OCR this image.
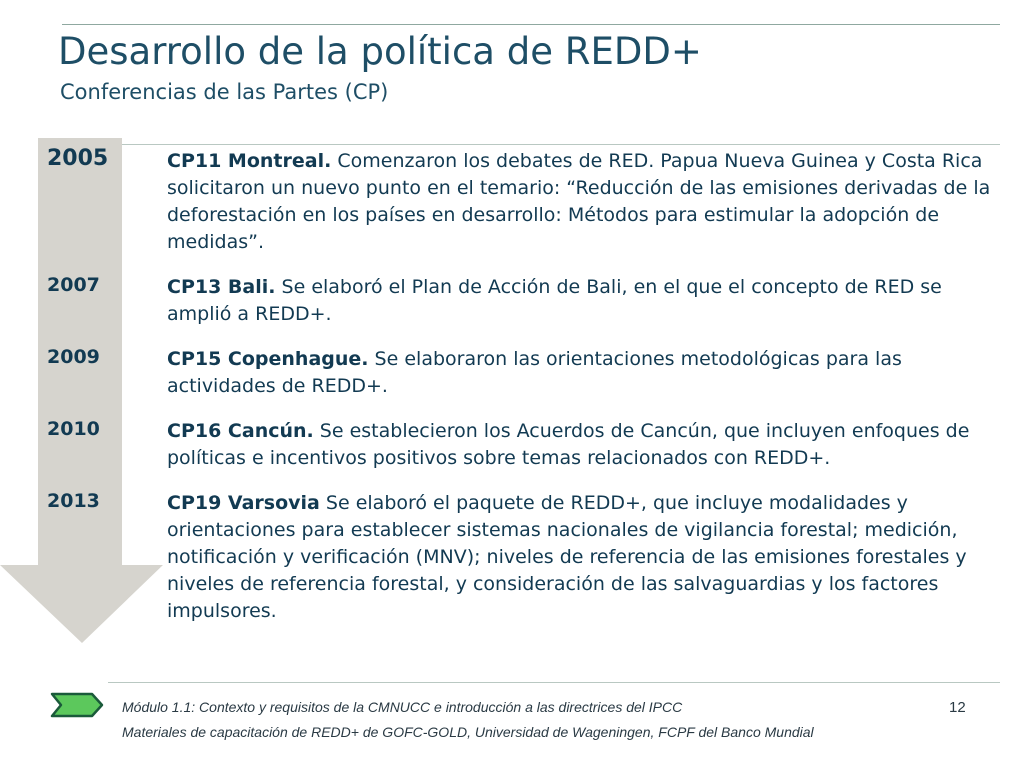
Desarrollo de la política de REDD+
Conferencias de las Partes (CP)
2005	CP11 Montreal. Comenzaron los debates de RED. Papua Nueva Guinea y Costa Rica solicitaron un nuevo punto en el temario: “Reducción de las emisiones derivadas de la deforestación en los países en desarrollo: Métodos para estimular la adopción de medidas”.
2007	CP13 Bali. Se elaboró el Plan de Acción de Bali, en el que el concepto de RED se amplió a REDD+.
2009	CP15 Copenhague. Se elaboraron las orientaciones metodológicas para las actividades de REDD+.
2010	CP16 Cancún. Se establecieron los Acuerdos de Cancún, que incluyen enfoques de políticas e incentivos positivos sobre temas relacionados con REDD+.
2013	CP19 Varsovia Se elaboró el paquete de REDD+, que incluye modalidades y orientaciones para establecer sistemas nacionales de vigilancia forestal; medición, notificación y verificación (MNV); niveles de referencia de las emisiones forestales y niveles de referencia forestal, y consideración de las salvaguardias y los factores impulsores.
Módulo 1.1: Contexto y requisitos de la CMNUCC e introducción a las directrices del IPCC
Materiales de capacitación de REDD+ de GOFC-GOLD, Universidad de Wageningen, FCPF del Banco Mundial
12
